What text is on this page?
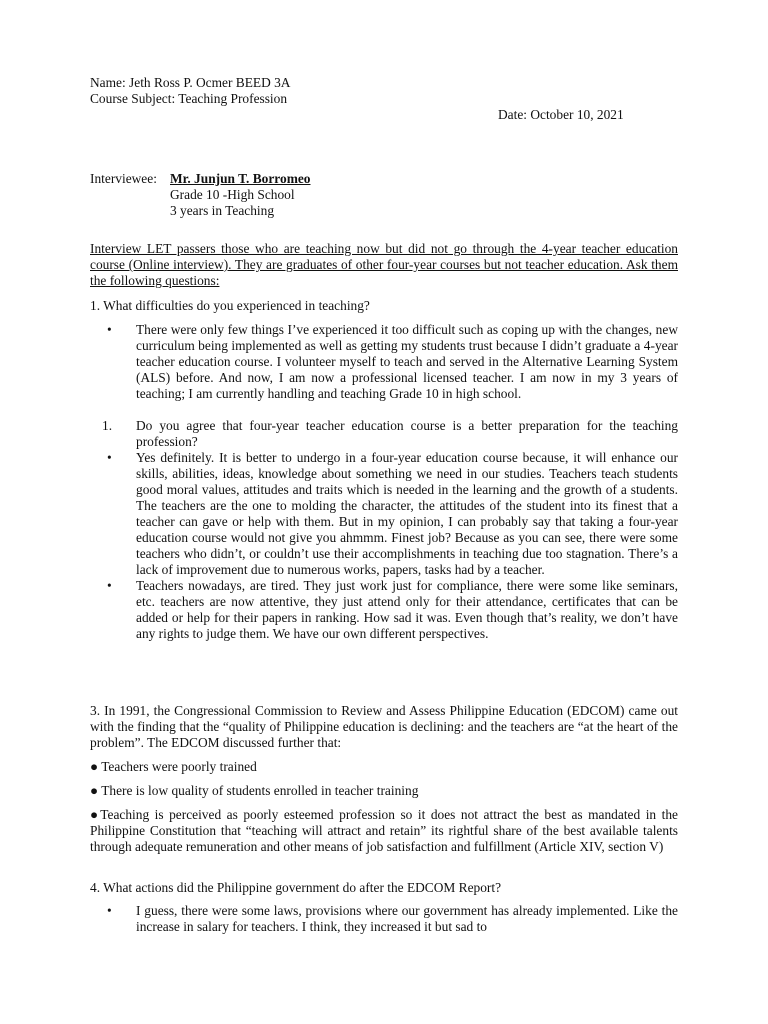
Name: Jeth Ross P. Ocmer BEED 3A
Course Subject: Teaching Profession
Date: October 10, 2021
Interviewee: Mr. Junjun T. Borromeo
Grade 10 -High School
3 years in Teaching
Interview LET passers those who are teaching now but did not go through the 4-year teacher education course (Online interview). They are graduates of other four-year courses but not teacher education. Ask them the following questions:
1. What difficulties do you experienced in teaching?
• There were only few things I’ve experienced it too difficult such as coping up with the changes, new curriculum being implemented as well as getting my students trust because I didn’t graduate a 4-year teacher education course. I volunteer myself to teach and served in the Alternative Learning System (ALS) before. And now, I am now a professional licensed teacher. I am now in my 3 years of teaching; I am currently handling and teaching Grade 10 in high school.
1. Do you agree that four-year teacher education course is a better preparation for the teaching profession?
• Yes definitely. It is better to undergo in a four-year education course because, it will enhance our skills, abilities, ideas, knowledge about something we need in our studies. Teachers teach students good moral values, attitudes and traits which is needed in the learning and the growth of a students. The teachers are the one to molding the character, the attitudes of the student into its finest that a teacher can gave or help with them. But in my opinion, I can probably say that taking a four-year education course would not give you ahmmm. Finest job? Because as you can see, there were some teachers who didn’t, or couldn’t use their accomplishments in teaching due too stagnation. There’s a lack of improvement due to numerous works, papers, tasks had by a teacher.
• Teachers nowadays, are tired. They just work just for compliance, there were some like seminars, etc. teachers are now attentive, they just attend only for their attendance, certificates that can be added or help for their papers in ranking. How sad it was. Even though that’s reality, we don’t have any rights to judge them. We have our own different perspectives.
3. In 1991, the Congressional Commission to Review and Assess Philippine Education (EDCOM) came out with the finding that the “quality of Philippine education is declining: and the teachers are “at the heart of the problem”. The EDCOM discussed further that:
● Teachers were poorly trained
● There is low quality of students enrolled in teacher training
●Teaching is perceived as poorly esteemed profession so it does not attract the best as mandated in the Philippine Constitution that “teaching will attract and retain” its rightful share of the best available talents through adequate remuneration and other means of job satisfaction and fulfillment (Article XIV, section V)
4. What actions did the Philippine government do after the EDCOM Report?
• I guess, there were some laws, provisions where our government has already implemented. Like the increase in salary for teachers. I think, they increased it but sad to
